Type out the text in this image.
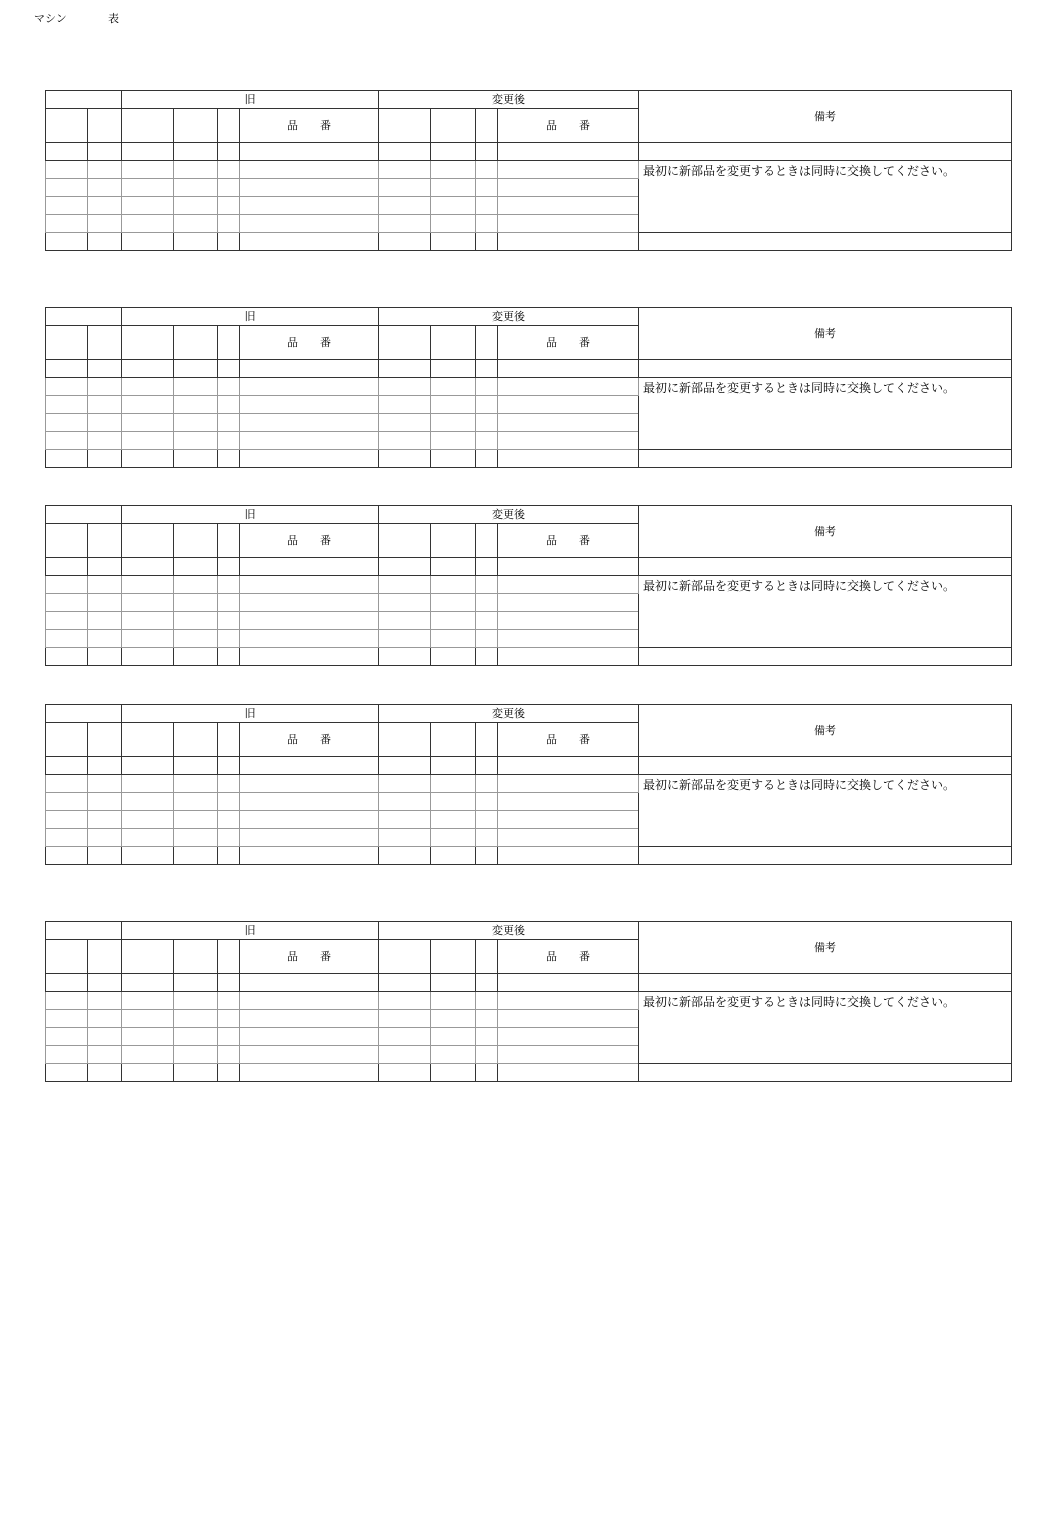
マシン	表
		旧				変更後				備考
					品番				品番	

										最初に新部品を変更するときは同時に交換してください。

		旧				変更後				備考
					品番				品番	

										最初に新部品を変更するときは同時に交換してください。

		旧				変更後				備考
					品番				品番	

										最初に新部品を変更するときは同時に交換してください。

		旧				変更後				備考
					品番				品番	

										最初に新部品を変更するときは同時に交換してください。

		旧				変更後				備考
					品番				品番	

										最初に新部品を変更するときは同時に交換してください。
